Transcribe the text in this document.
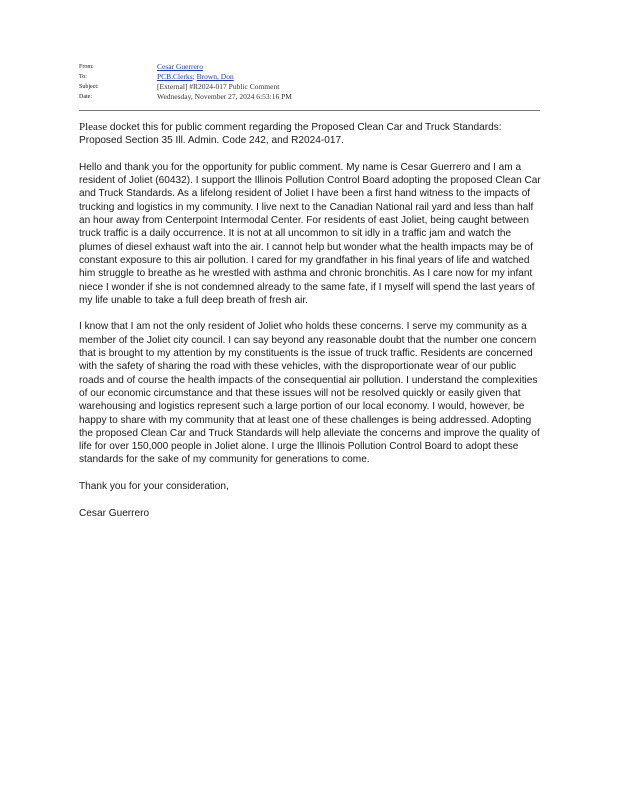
From:	Cesar Guerrero
To:	PCB.Clerks; Brown, Don
Subject:	[External] #R2024-017 Public Comment
Date:	Wednesday, November 27, 2024 6:53:16 PM

Please docket this for public comment regarding the Proposed Clean Car and Truck Standards: Proposed Section 35 Ill. Admin. Code 242, and R2024-017.

Hello and thank you for the opportunity for public comment. My name is Cesar Guerrero and I am a resident of Joliet (60432). I support the Illinois Pollution Control Board adopting the proposed Clean Car and Truck Standards. As a lifelong resident of Joliet I have been a first hand witness to the impacts of trucking and logistics in my community. I live next to the Canadian National rail yard and less than half an hour away from Centerpoint Intermodal Center. For residents of east Joliet, being caught between truck traffic is a daily occurrence. It is not at all uncommon to sit idly in a traffic jam and watch the plumes of diesel exhaust waft into the air. I cannot help but wonder what the health impacts may be of constant exposure to this air pollution. I cared for my grandfather in his final years of life and watched him struggle to breathe as he wrestled with asthma and chronic bronchitis. As I care now for my infant niece I wonder if she is not condemned already to the same fate, if I myself will spend the last years of my life unable to take a full deep breath of fresh air.

I know that I am not the only resident of Joliet who holds these concerns. I serve my community as a member of the Joliet city council. I can say beyond any reasonable doubt that the number one concern that is brought to my attention by my constituents is the issue of truck traffic. Residents are concerned with the safety of sharing the road with these vehicles, with the disproportionate wear of our public roads and of course the health impacts of the consequential air pollution. I understand the complexities of our economic circumstance and that these issues will not be resolved quickly or easily given that warehousing and logistics represent such a large portion of our local economy. I would, however, be happy to share with my community that at least one of these challenges is being addressed. Adopting the proposed Clean Car and Truck Standards will help alleviate the concerns and improve the quality of life for over 150,000 people in Joliet alone. I urge the Illinois Pollution Control Board to adopt these standards for the sake of my community for generations to come.

Thank you for your consideration,

Cesar Guerrero
